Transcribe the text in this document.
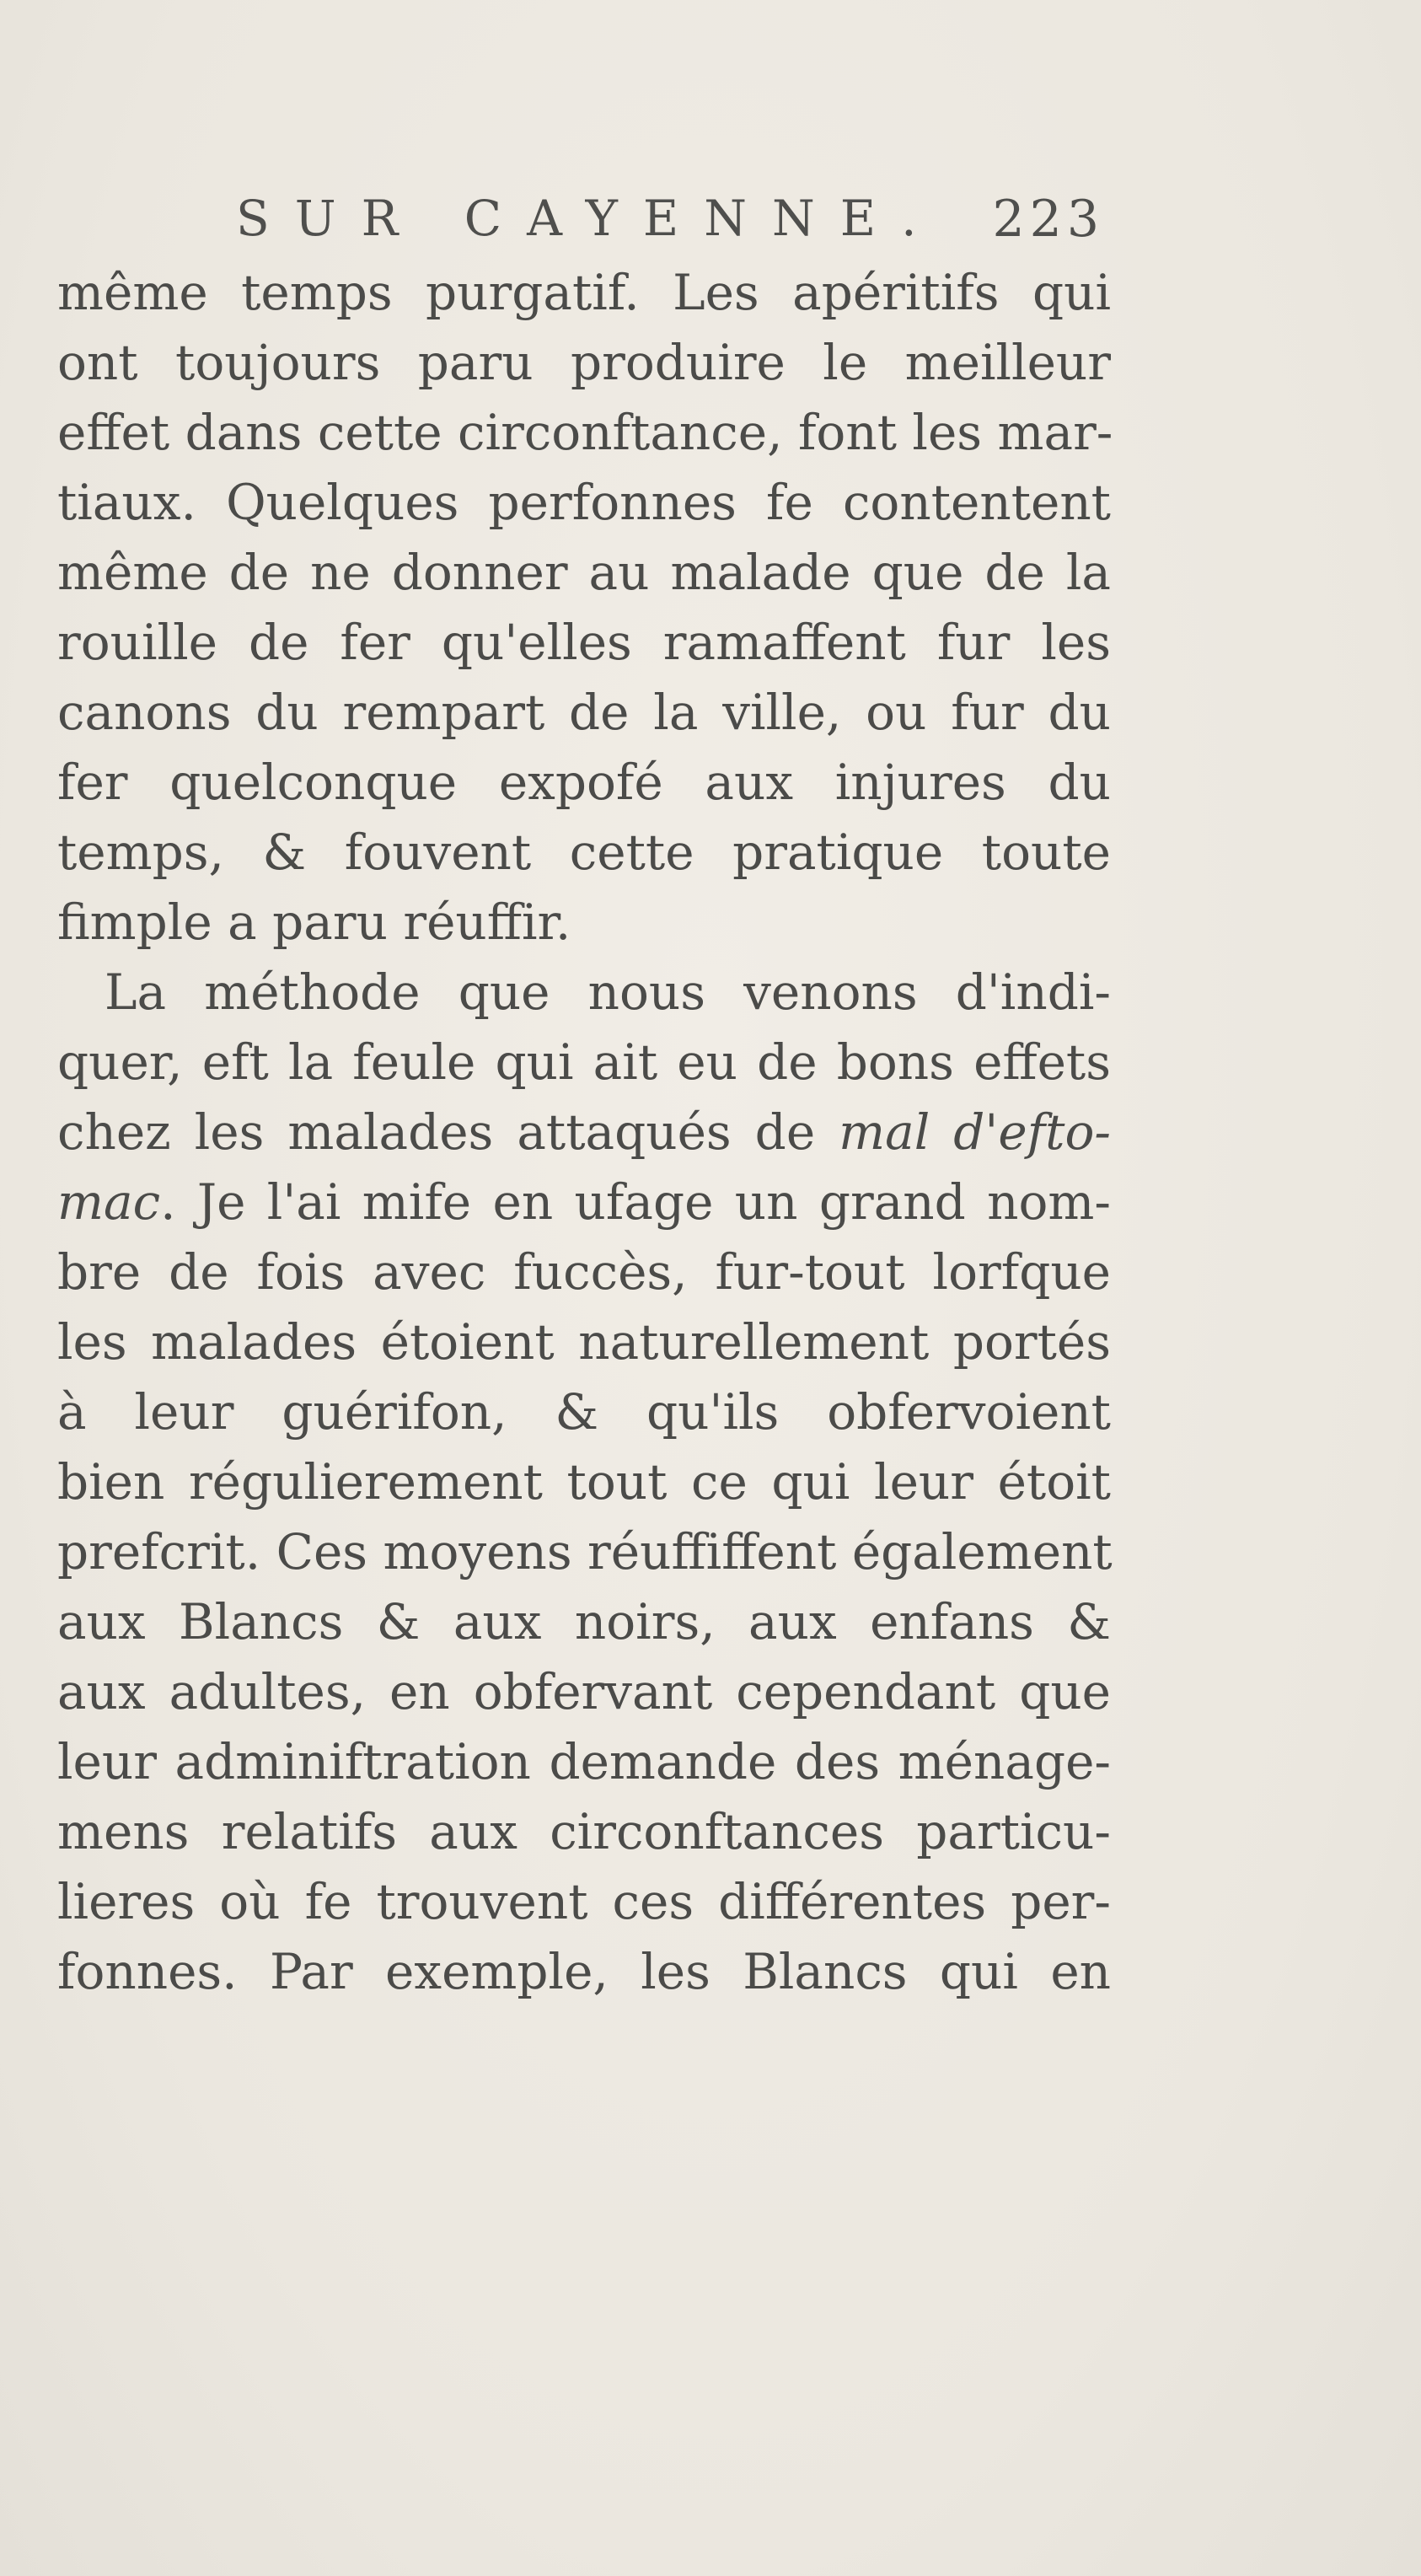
SUR CAYENNE. 223
même temps purgatif. Les apéritifs qui
ont toujours paru produire le meilleur
effet dans cette circonftance, font les mar-
tiaux. Quelques perfonnes fe contentent
même de ne donner au malade que de la
rouille de fer qu'elles ramaffent fur les
canons du rempart de la ville, ou fur du
fer quelconque expofé aux injures du
temps, & fouvent cette pratique toute
fimple a paru réuffir.
La méthode que nous venons d'indi-
quer, eft la feule qui ait eu de bons effets
chez les malades attaqués de mal d'efto-
mac. Je l'ai mife en ufage un grand nom-
bre de fois avec fuccès, fur-tout lorfque
les malades étoient naturellement portés
à leur guérifon, & qu'ils obfervoient
bien régulierement tout ce qui leur étoit
prefcrit. Ces moyens réuffiffent également
aux Blancs & aux noirs, aux enfans &
aux adultes, en obfervant cependant que
leur adminiftration demande des ménage-
mens relatifs aux circonftances particu-
lieres où fe trouvent ces différentes per-
fonnes. Par exemple, les Blancs qui en
